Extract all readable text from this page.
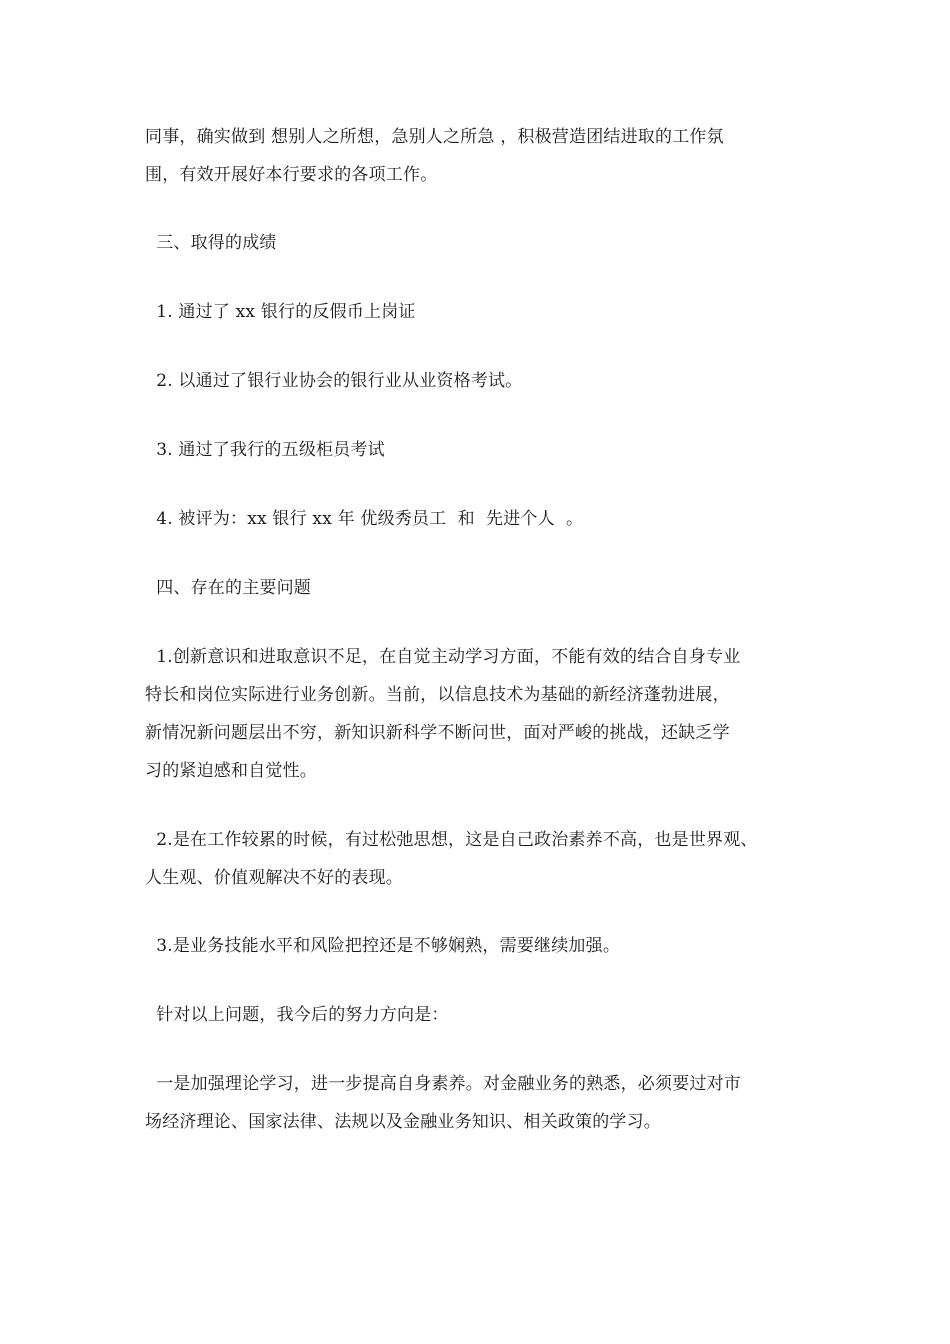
同事，确实做到 想别人之所想，急别人之所急 ，积极营造团结进取的工作氛
围，有效开展好本行要求的各项工作。
三、取得的成绩
1. 通过了 xx 银行的反假币上岗证
2. 以通过了银行业协会的银行业从业资格考试。
3. 通过了我行的五级柜员考试
4. 被评为：xx 银行 xx 年 优级秀员工  和  先进个人  。
四、存在的主要问题
1.创新意识和进取意识不足，在自觉主动学习方面，不能有效的结合自身专业
特长和岗位实际进行业务创新。当前，以信息技术为基础的新经济蓬勃进展，
新情况新问题层出不穷，新知识新科学不断问世，面对严峻的挑战，还缺乏学
习的紧迫感和自觉性。
2.是在工作较累的时候，有过松弛思想，这是自己政治素养不高，也是世界观、
人生观、价值观解决不好的表现。
3.是业务技能水平和风险把控还是不够娴熟，需要继续加强。
针对以上问题，我今后的努力方向是：
一是加强理论学习，进一步提高自身素养。对金融业务的熟悉，必须要过对市
场经济理论、国家法律、法规以及金融业务知识、相关政策的学习。
